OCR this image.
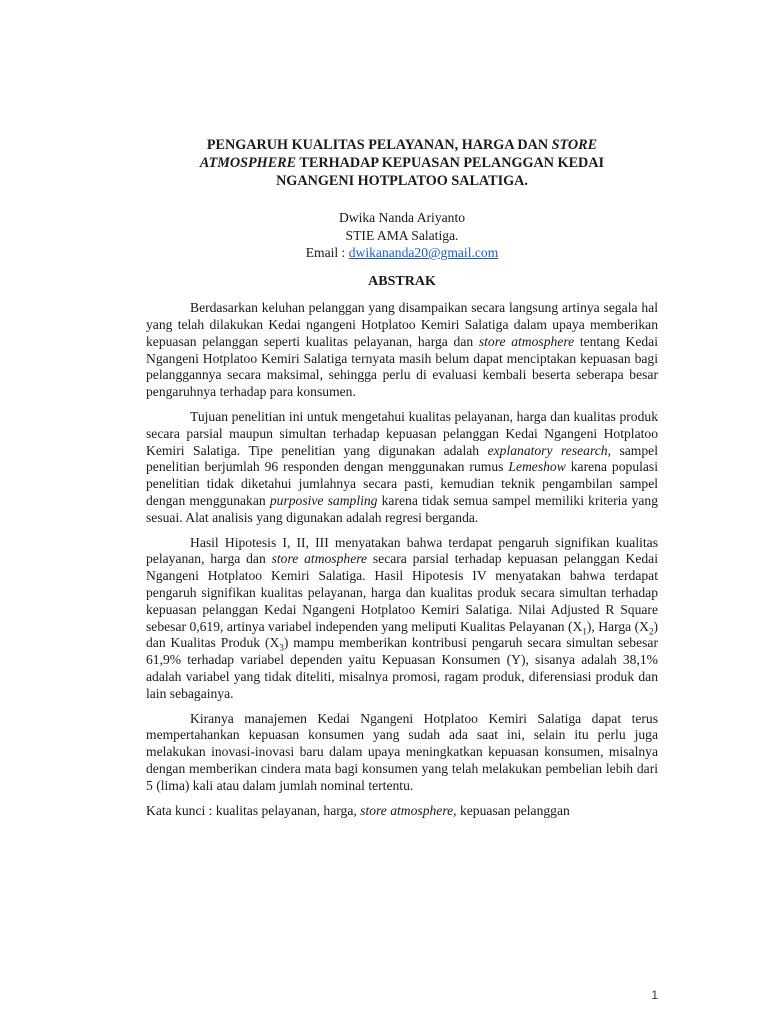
PENGARUH KUALITAS PELAYANAN, HARGA DAN STORE
ATMOSPHERE TERHADAP KEPUASAN PELANGGAN KEDAI
NGANGENI HOTPLATOO SALATIGA.
Dwika Nanda Ariyanto
STIE AMA Salatiga.
Email : dwikananda20@gmail.com
ABSTRAK

Berdasarkan keluhan pelanggan yang disampaikan secara langsung artinya segala hal yang telah dilakukan Kedai ngangeni Hotplatoo Kemiri Salatiga dalam upaya memberikan kepuasan pelanggan seperti kualitas pelayanan, harga dan store atmosphere tentang Kedai Ngangeni Hotplatoo Kemiri Salatiga ternyata masih belum dapat menciptakan kepuasan bagi pelanggannya secara maksimal, sehingga perlu di evaluasi kembali beserta seberapa besar pengaruhnya terhadap para konsumen.

Tujuan penelitian ini untuk mengetahui kualitas pelayanan, harga dan kualitas produk secara parsial maupun simultan terhadap kepuasan pelanggan Kedai Ngangeni Hotplatoo Kemiri Salatiga. Tipe penelitian yang digunakan adalah explanatory research, sampel penelitian berjumlah 96 responden dengan menggunakan rumus Lemeshow karena populasi penelitian tidak diketahui jumlahnya secara pasti, kemudian teknik pengambilan sampel dengan menggunakan purposive sampling karena tidak semua sampel memiliki kriteria yang sesuai. Alat analisis yang digunakan adalah regresi berganda.

Hasil Hipotesis I, II, III menyatakan bahwa terdapat pengaruh signifikan kualitas pelayanan, harga dan store atmosphere secara parsial terhadap kepuasan pelanggan Kedai Ngangeni Hotplatoo Kemiri Salatiga. Hasil Hipotesis IV menyatakan bahwa terdapat pengaruh signifikan kualitas pelayanan, harga dan kualitas produk secara simultan terhadap kepuasan pelanggan Kedai Ngangeni Hotplatoo Kemiri Salatiga. Nilai Adjusted R Square sebesar 0,619, artinya variabel independen yang meliputi Kualitas Pelayanan $(X_1)$, Harga $(X_2)$ dan Kualitas Produk $(X_3)$ mampu memberikan kontribusi pengaruh secara simultan sebesar 61,9% terhadap variabel dependen yaitu Kepuasan Konsumen (Y), sisanya adalah 38,1% adalah variabel yang tidak diteliti, misalnya promosi, ragam produk, diferensiasi produk dan lain sebagainya.

Kiranya manajemen Kedai Ngangeni Hotplatoo Kemiri Salatiga dapat terus mempertahankan kepuasan konsumen yang sudah ada saat ini, selain itu perlu juga melakukan inovasi-inovasi baru dalam upaya meningkatkan kepuasan konsumen, misalnya dengan memberikan cindera mata bagi konsumen yang telah melakukan pembelian lebih dari 5 (lima) kali atau dalam jumlah nominal tertentu.

Kata kunci : kualitas pelayanan, harga, store atmosphere, kepuasan pelanggan

1
